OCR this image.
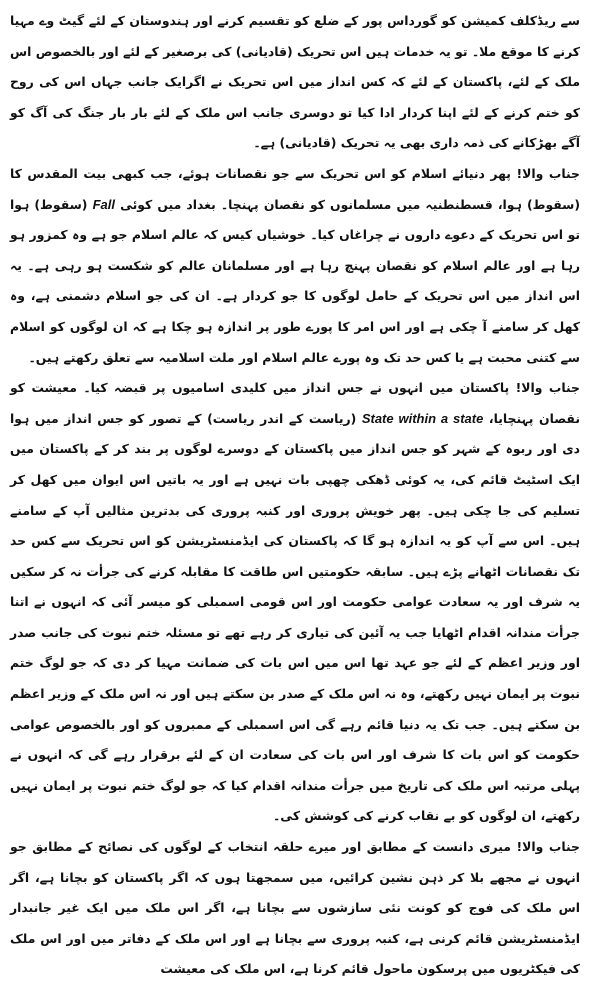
سے ریڈکلف کمیشن کو گورداس پور کے ضلع کو تقسیم کرنے اور ہندوستان کے لئے گیٹ وے مہیا کرنے کا موقع ملا۔ تو یہ خدمات ہیں اس تحریک (قادیانی) کی برصغیر کے لئے اور بالخصوص اس ملک کے لئے، پاکستان کے لئے کہ کس انداز میں اس تحریک نے اگرایک جانب جہاں اس کی روح کو ختم کرنے کے لئے اپنا کردار ادا کیا تو دوسری جانب اس ملک کے لئے بار بار جنگ کی آگ کو آگے بھڑکانے کی ذمہ داری بھی یہ تحریک (قادیانی) ہے۔

جناب والا! پھر دنیائے اسلام کو اس تحریک سے جو نقصانات ہوئے، جب کبھی بیت المقدس کا (سقوط) ہوا، قسطنطنیہ میں مسلمانوں کو نقصان پہنچا۔ بغداد میں کوئی Fall (سقوط) ہوا تو اس تحریک کے دعوے داروں نے چراغاں کیا۔ خوشیاں کیس کہ عالم اسلام جو ہے وہ کمزور ہو رہا ہے اور عالم اسلام کو نقصان پہنچ رہا ہے اور مسلمانان عالم کو شکست ہو رہی ہے۔ یہ اس انداز میں اس تحریک کے حامل لوگوں کا جو کردار ہے۔ ان کی جو اسلام دشمنی ہے، وہ کھل کر سامنے آ چکی ہے اور اس امر کا پورے طور پر اندازہ ہو چکا ہے کہ ان لوگوں کو اسلام سے کتنی محبت ہے یا کس حد تک وہ پورے عالم اسلام اور ملت اسلامیہ سے تعلق رکھتے ہیں۔

جناب والا! پاکستان میں انہوں نے جس انداز میں کلیدی اسامیوں پر قبضہ کیا۔ معیشت کو نقصان پہنچایا، State within a state (ریاست کے اندر ریاست) کے تصور کو جس انداز میں ہوا دی اور ربوہ کے شہر کو جس انداز میں پاکستان کے دوسرے لوگوں پر بند کر کے پاکستان میں ایک اسٹیٹ قائم کی، یہ کوئی ڈھکی چھپی بات نہیں ہے اور یہ باتیں اس ایوان میں کھل کر تسلیم کی جا چکی ہیں۔ پھر خویش پروری اور کنبہ پروری کی بدترین مثالیں آپ کے سامنے ہیں۔ اس سے آپ کو یہ اندازہ ہو گا کہ پاکستان کی ایڈمنسٹریشن کو اس تحریک سے کس حد تک نقصانات اٹھانے پڑے ہیں۔ سابقہ حکومتیں اس طاقت کا مقابلہ کرنے کی جرأت نہ کر سکیں یہ شرف اور یہ سعادت عوامی حکومت اور اس قومی اسمبلی کو میسر آئی کہ انہوں نے اتنا جرأت مندانہ اقدام اٹھایا جب یہ آئین کی تیاری کر رہے تھے تو مسئلہ ختم نبوت کی جانب صدر اور وزیر اعظم کے لئے جو عہد تھا اس میں اس بات کی ضمانت مہیا کر دی کہ جو لوگ ختم نبوت پر ایمان نہیں رکھتے، وہ نہ اس ملک کے صدر بن سکتے ہیں اور نہ اس ملک کے وزیر اعظم بن سکتے ہیں۔ جب تک یہ دنیا قائم رہے گی اس اسمبلی کے ممبروں کو اور بالخصوص عوامی حکومت کو اس بات کا شرف اور اس بات کی سعادت ان کے لئے برقرار رہے گی کہ انہوں نے پہلی مرتبہ اس ملک کی تاریخ میں جرأت مندانہ اقدام کیا کہ جو لوگ ختم نبوت پر ایمان نہیں رکھتے، ان لوگوں کو بے نقاب کرنے کی کوشش کی۔

جناب والا! میری دانست کے مطابق اور میرے حلقہ انتخاب کے لوگوں کی نصائح کے مطابق جو انہوں نے مجھے بلا کر ذہن نشین کرائیں، میں سمجھتا ہوں کہ اگر پاکستان کو بچانا ہے، اگر اس ملک کی فوج کو کونت نئی سازشوں سے بچانا ہے، اگر اس ملک میں ایک غیر جانبدار ایڈمنسٹریشن قائم کرنی ہے، کنبہ پروری سے بچانا ہے اور اس ملک کے دفاتر میں اور اس ملک کی فیکٹریوں میں پرسکون ماحول قائم کرنا ہے، اس ملک کی معیشت
